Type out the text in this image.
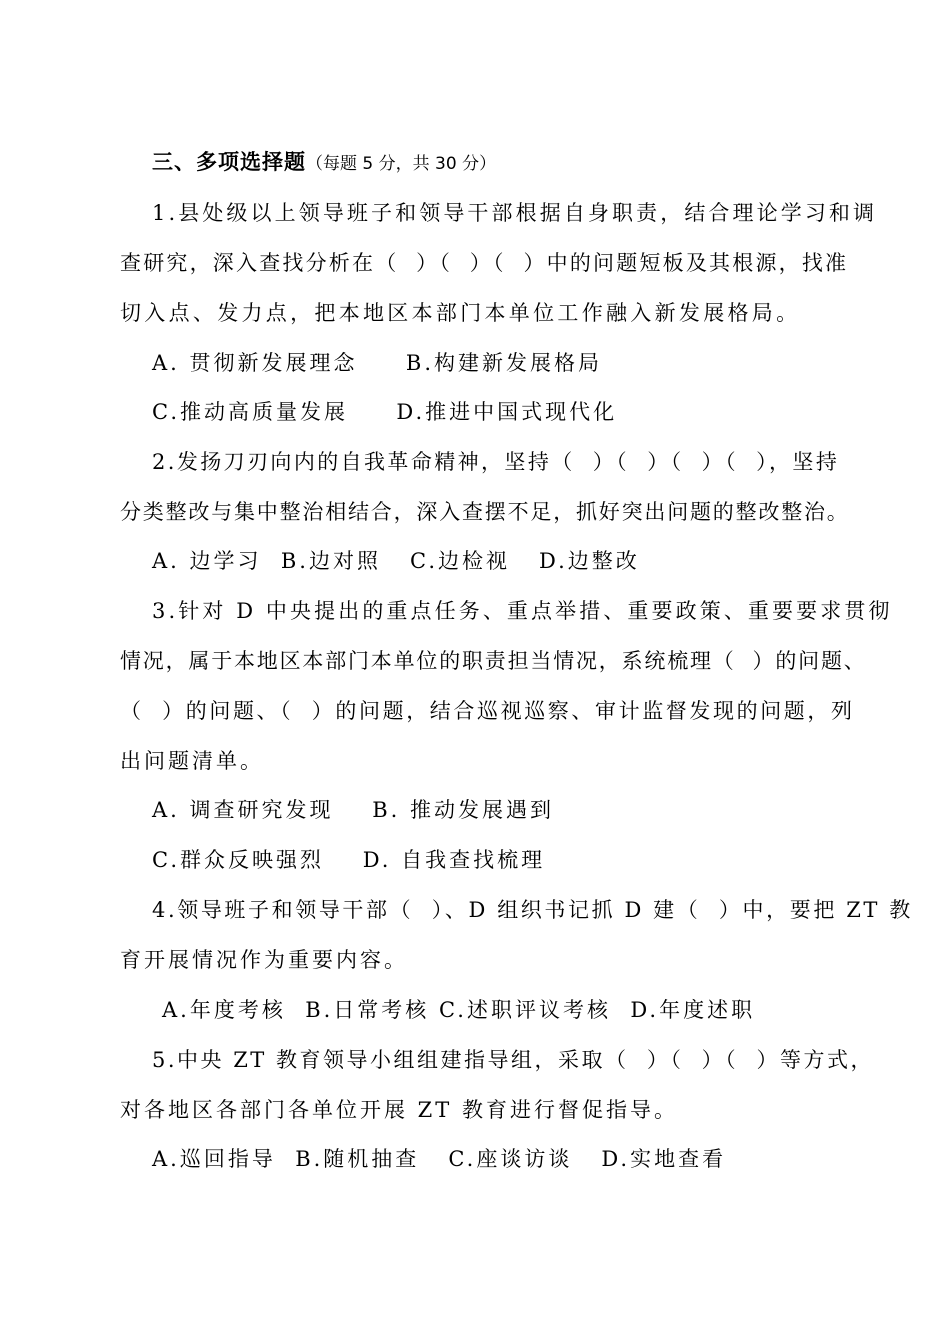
三、多项选择题（每题 5 分，共 30 分）
1.县处级以上领导班子和领导干部根据自身职责，结合理论学习和调
查研究，深入查找分析在（  ）（  ）（  ）中的问题短板及其根源，找准
切入点、发力点，把本地区本部门本单位工作融入新发展格局。
A. 贯彻新发展理念     B.构建新发展格局
C.推动高质量发展     D.推进中国式现代化
2.发扬刀刃向内的自我革命精神，坚持（  ）（  ）（  ）（  ），坚持
分类整改与集中整治相结合，深入查摆不足，抓好突出问题的整改整治。
A. 边学习  B.边对照   C.边检视   D.边整改
3.针对 D 中央提出的重点任务、重点举措、重要政策、重要要求贯彻
情况，属于本地区本部门本单位的职责担当情况，系统梳理（  ）的问题、
（  ）的问题、（  ）的问题，结合巡视巡察、审计监督发现的问题，列
出问题清单。
A. 调查研究发现    B. 推动发展遇到
C.群众反映强烈    D. 自我查找梳理
4.领导班子和领导干部（  ）、D 组织书记抓 D 建（  ）中，要把 ZT 教
育开展情况作为重要内容。
A.年度考核  B.日常考核 C.述职评议考核  D.年度述职
5.中央 ZT 教育领导小组组建指导组，采取（  ）（  ）（  ）等方式，
对各地区各部门各单位开展 ZT 教育进行督促指导。
A.巡回指导  B.随机抽查   C.座谈访谈   D.实地查看
